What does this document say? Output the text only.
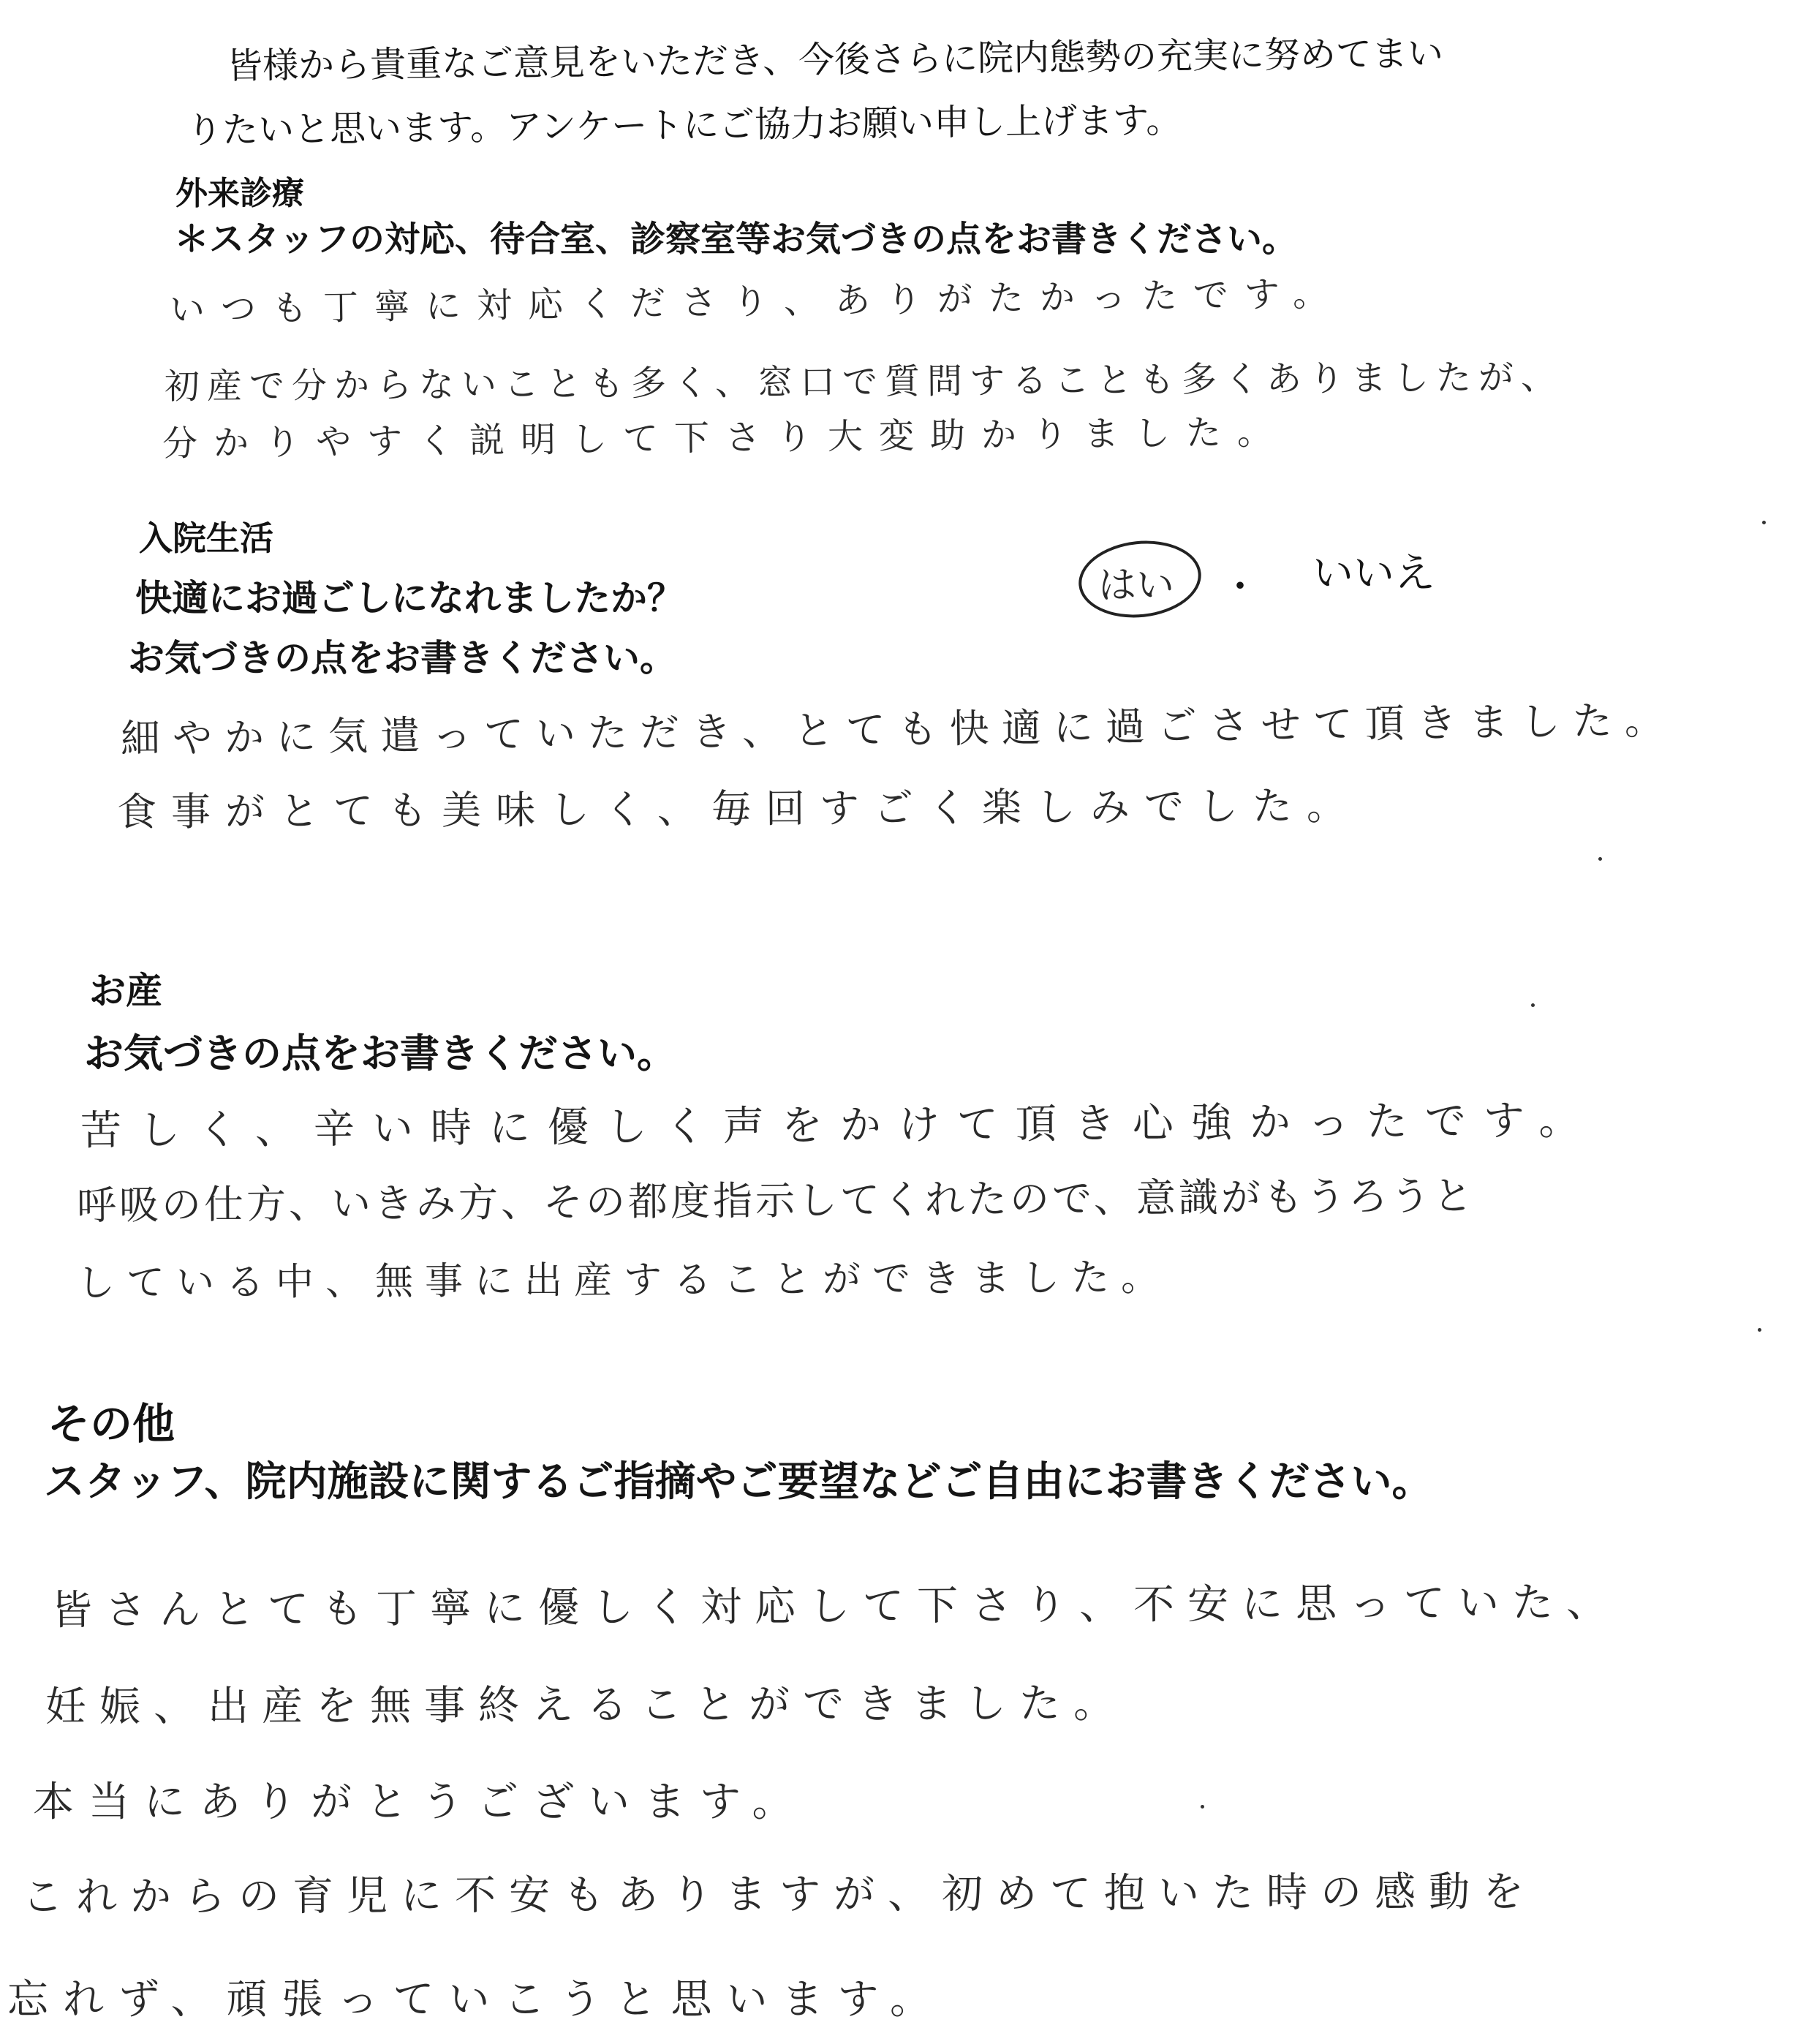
皆様から貴重なご意見をいただき、今後さらに院内態勢の充実に努めてまい
りたいと思います。アンケートにご協力お願い申し上げます。
外来診療
＊スタッフの対応、待合室、診察室等お気づきの点をお書きください。
いつも丁寧に対応くださり、ありがたかったです。
初産で分からないことも多く、窓口で質問することも多くありましたが、
分かりやすく説明して下さり大変助かりました。
入院生活
快適にお過ごしになれましたか？	はい ・ いいえ
お気づきの点をお書きください。
細やかに気遣っていただき、とても快適に過ごさせて頂きました。
食事がとても美味しく、毎回すごく楽しみでした。
お産
お気づきの点をお書きください。
苦しく、辛い時に優しく声をかけて頂き心強かったです。
呼吸の仕方、いきみ方、その都度指示してくれたので、意識がもうろうと
している中、無事に出産することができました。
その他
スタッフ、院内施設に関するご指摘やご要望などご自由にお書きください。
皆さんとても丁寧に優しく対応して下さり、不安に思っていた、
妊娠、出産を無事終えることができました。
本当にありがとうございます。
これからの育児に不安もありますが、初めて抱いた時の感動を
忘れず、頑張っていこうと思います。
